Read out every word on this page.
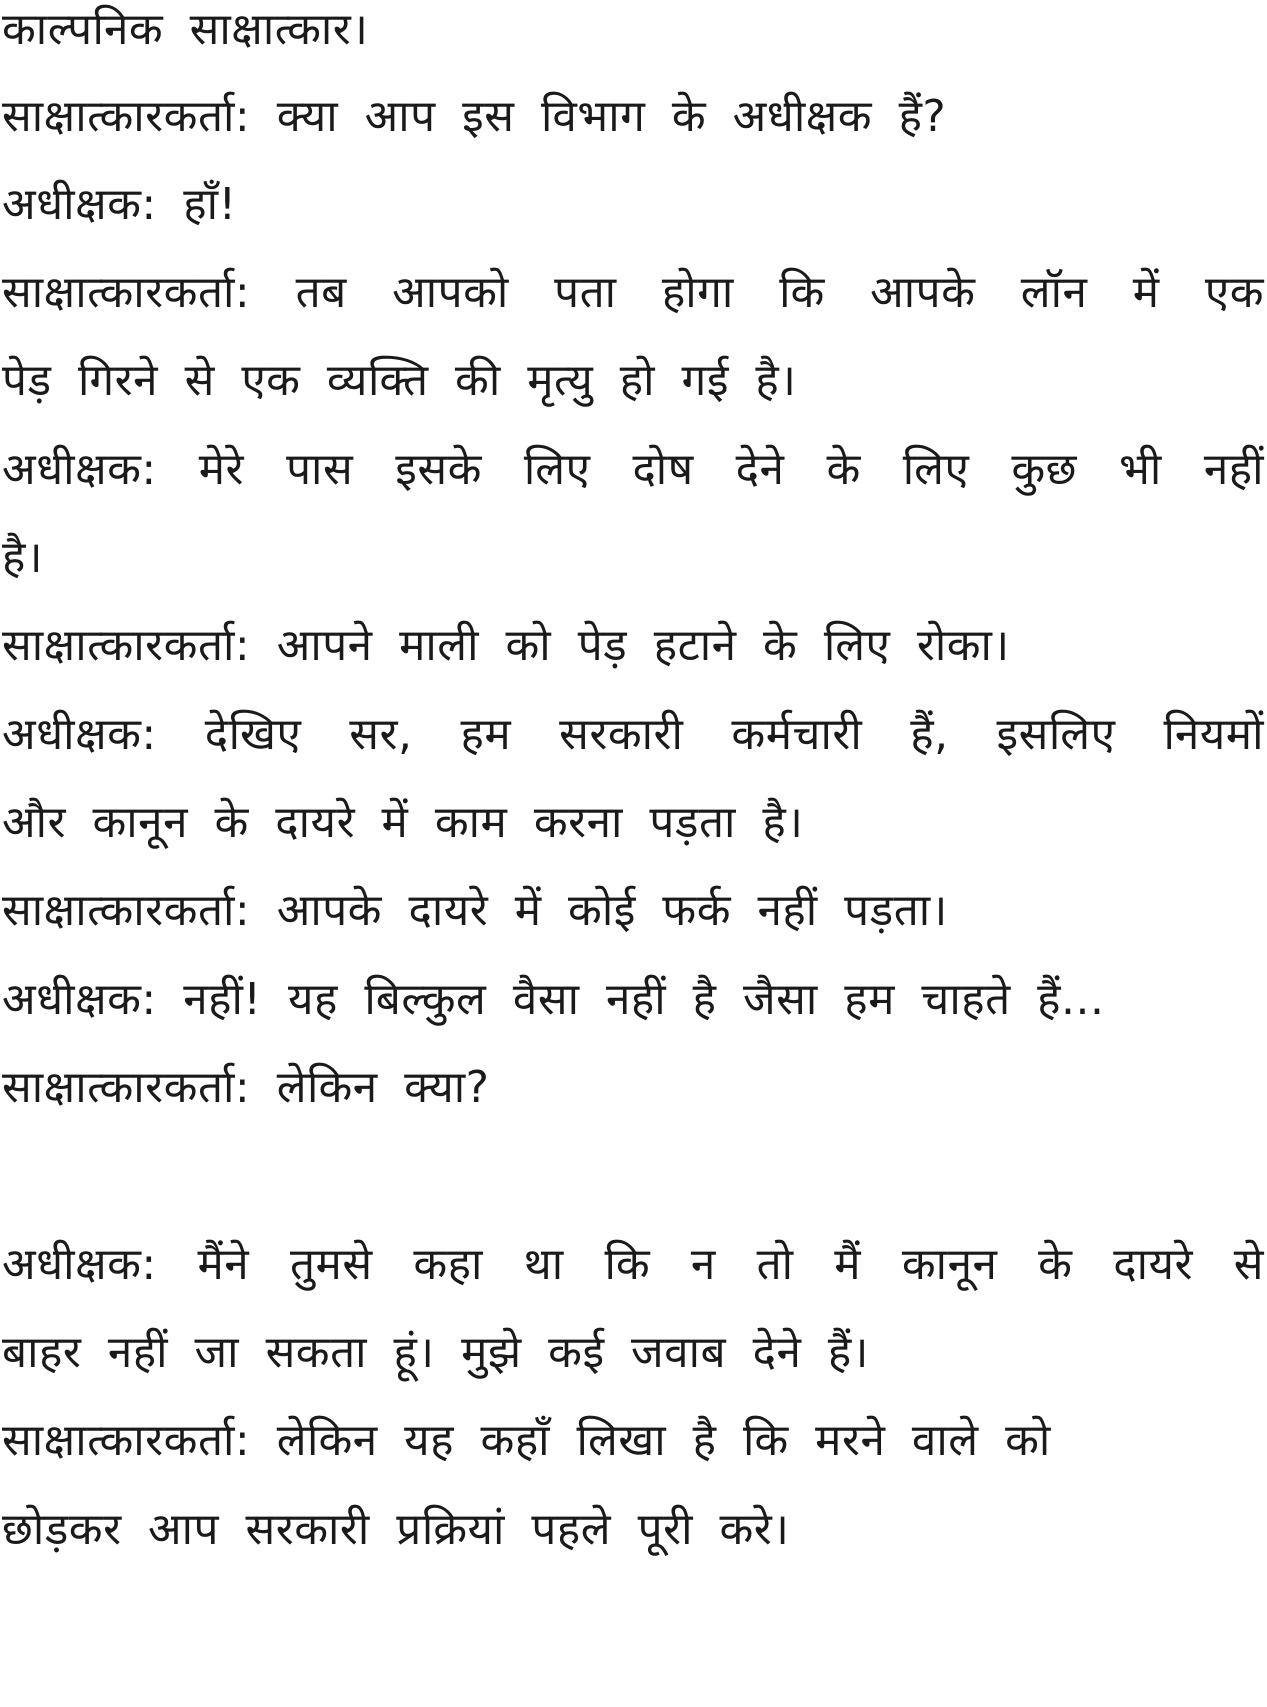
काल्पनिक साक्षात्कार।

साक्षात्कारकर्ता: क्या आप इस विभाग के अधीक्षक हैं?

अधीक्षक: हाँ!

साक्षात्कारकर्ता: तब आपको पता होगा कि आपके लॉन में एक

पेड़ गिरने से एक व्यक्ति की मृत्यु हो गई है।

अधीक्षक: मेरे पास इसके लिए दोष देने के लिए कुछ भी नहीं

है।

साक्षात्कारकर्ता: आपने माली को पेड़ हटाने के लिए रोका।

अधीक्षक: देखिए सर, हम सरकारी कर्मचारी हैं, इसलिए नियमों

और कानून के दायरे में काम करना पड़ता है।

साक्षात्कारकर्ता: आपके दायरे में कोई फर्क नहीं पड़ता।

अधीक्षक: नहीं! यह बिल्कुल वैसा नहीं है जैसा हम चाहते हैं...

साक्षात्कारकर्ता: लेकिन क्या?

अधीक्षक: मैंने तुमसे कहा था कि न तो मैं कानून के दायरे से

बाहर नहीं जा सकता हूं। मुझे कई जवाब देने हैं।

साक्षात्कारकर्ता: लेकिन यह कहाँ लिखा है कि मरने वाले को

छोड़कर आप सरकारी प्रक्रियां पहले पूरी करे।
